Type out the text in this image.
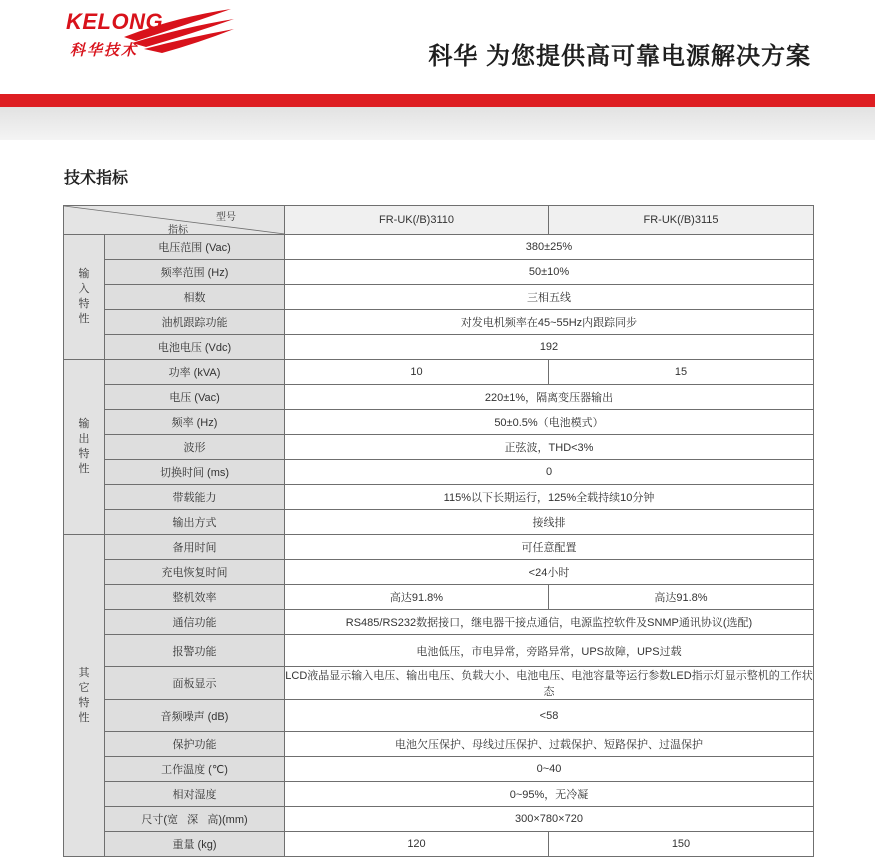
KELONG
科华技术	科华 为您提供高可靠电源解决方案
技术指标
型号
指标		FR-UK(/B)3110	FR-UK(/B)3115
输
入
特
性	电压范围 (Vac)	380±25%	
	频率范围 (Hz)	50±10%	
	相数	三相五线	
	油机跟踪功能	对发电机频率在45~55Hz内跟踪同步	
	电池电压 (Vdc)	192	
输
出
特
性	功率 (kVA)	10	15
	电压 (Vac)	220±1%，隔离变压器输出	
	频率 (Hz)	50±0.5%（电池模式）	
	波形	正弦波，THD<3%	
	切换时间 (ms)	0	
	带载能力	115%以下长期运行，125%全载持续10分钟	
	输出方式	接线排	
其
它
特
性	备用时间	可任意配置	
	充电恢复时间	<24小时	
	整机效率	高达91.8%	高达91.8%
	通信功能	RS485/RS232数据接口，继电器干接点通信，电源监控软件及SNMP通讯协议(选配)	
	报警功能	电池低压，市电异常，旁路异常，UPS故障，UPS过载	
	面板显示	LCD液晶显示输入电压、输出电压、负载大小、电池电压、电池容量等运行参数LED指示灯显示整机的工作状态	
	音频噪声 (dB)	<58	
	保护功能	电池欠压保护、母线过压保护、过载保护、短路保护、过温保护	
	工作温度 (℃)	0~40	
	相对湿度	0~95%，无冷凝	
	尺寸(宽   深   高)(mm)	300×780×720	
	重量 (kg)	120	150
